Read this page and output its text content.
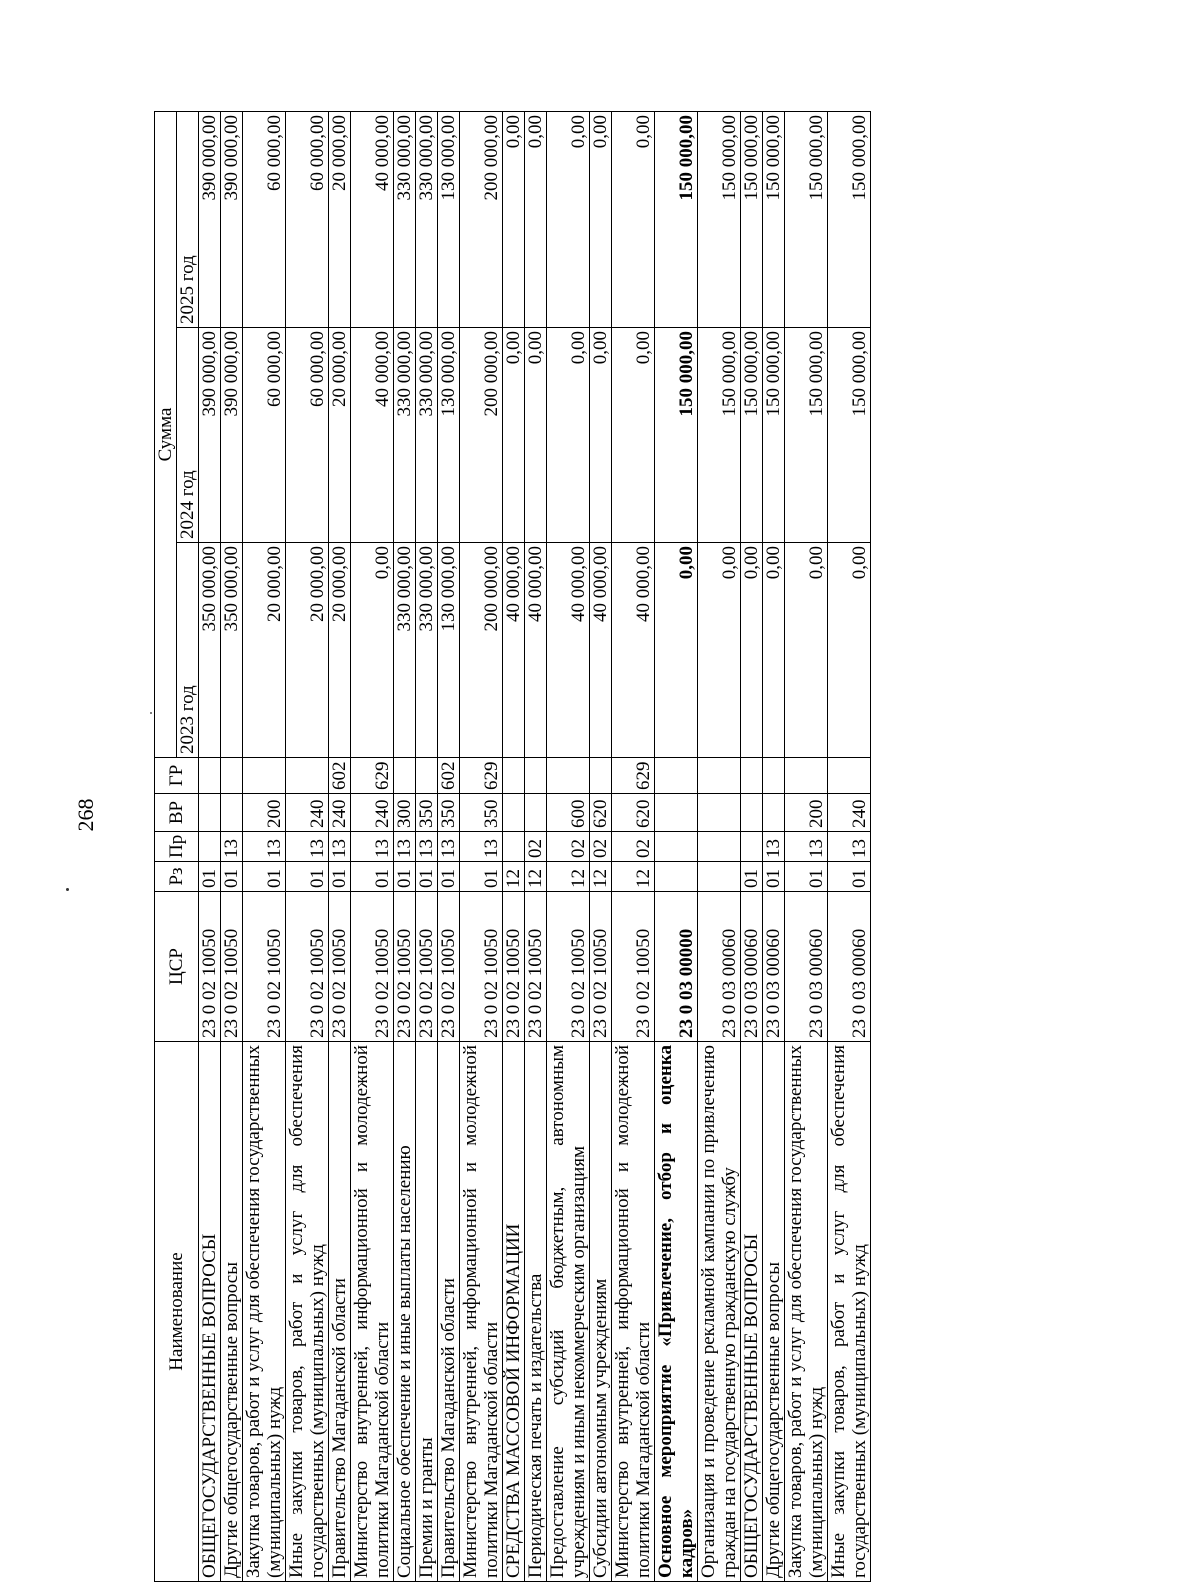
268
Наименование	ЦСР	Рз	Пр	ВР	ГР	Сумма		
						2023 год	2024 год	2025 год
ОБЩЕГОСУДАРСТВЕННЫЕ ВОПРОСЫ	23 0 02 10050	01				350 000,00	390 000,00	390 000,00
Другие общегосударственные вопросы	23 0 02 10050	01	13			350 000,00	390 000,00	390 000,00
Закупка товаров, работ и услуг для обеспечения государственных (муниципальных) нужд	23 0 02 10050	01	13	200		20 000,00	60 000,00	60 000,00
Иные закупки товаров, работ и услуг для обеспечения государственных (муниципальных) нужд	23 0 02 10050	01	13	240		20 000,00	60 000,00	60 000,00
Правительство Магаданской области	23 0 02 10050	01	13	240	602	20 000,00	20 000,00	20 000,00
Министерство внутренней, информационной и молодежной политики Магаданской области	23 0 02 10050	01	13	240	629	0,00	40 000,00	40 000,00
Социальное обеспечение и иные выплаты населению	23 0 02 10050	01	13	300		330 000,00	330 000,00	330 000,00
Премии и гранты	23 0 02 10050	01	13	350		330 000,00	330 000,00	330 000,00
Правительство Магаданской области	23 0 02 10050	01	13	350	602	130 000,00	130 000,00	130 000,00
Министерство внутренней, информационной и молодежной политики Магаданской области	23 0 02 10050	01	13	350	629	200 000,00	200 000,00	200 000,00
СРЕДСТВА МАССОВОЙ ИНФОРМАЦИИ	23 0 02 10050	12				40 000,00	0,00	0,00
Периодическая печать и издательства	23 0 02 10050	12	02			40 000,00	0,00	0,00
Предоставление субсидий бюджетным, автономным учреждениям и иным некоммерческим организациям	23 0 02 10050	12	02	600		40 000,00	0,00	0,00
Субсидии автономным учреждениям	23 0 02 10050	12	02	620		40 000,00	0,00	0,00
Министерство внутренней, информационной и молодежной политики Магаданской области	23 0 02 10050	12	02	620	629	40 000,00	0,00	0,00
Основное мероприятие «Привлечение, отбор и оценка кадров»	23 0 03 00000					0,00	150 000,00	150 000,00
Организация и проведение рекламной кампании по привлечению граждан на государственную гражданскую службу	23 0 03 00060					0,00	150 000,00	150 000,00
ОБЩЕГОСУДАРСТВЕННЫЕ ВОПРОСЫ	23 0 03 00060	01				0,00	150 000,00	150 000,00
Другие общегосударственные вопросы	23 0 03 00060	01	13			0,00	150 000,00	150 000,00
Закупка товаров, работ и услуг для обеспечения государственных (муниципальных) нужд	23 0 03 00060	01	13	200		0,00	150 000,00	150 000,00
Иные закупки товаров, работ и услуг для обеспечения государственных (муниципальных) нужд	23 0 03 00060	01	13	240		0,00	150 000,00	150 000,00
